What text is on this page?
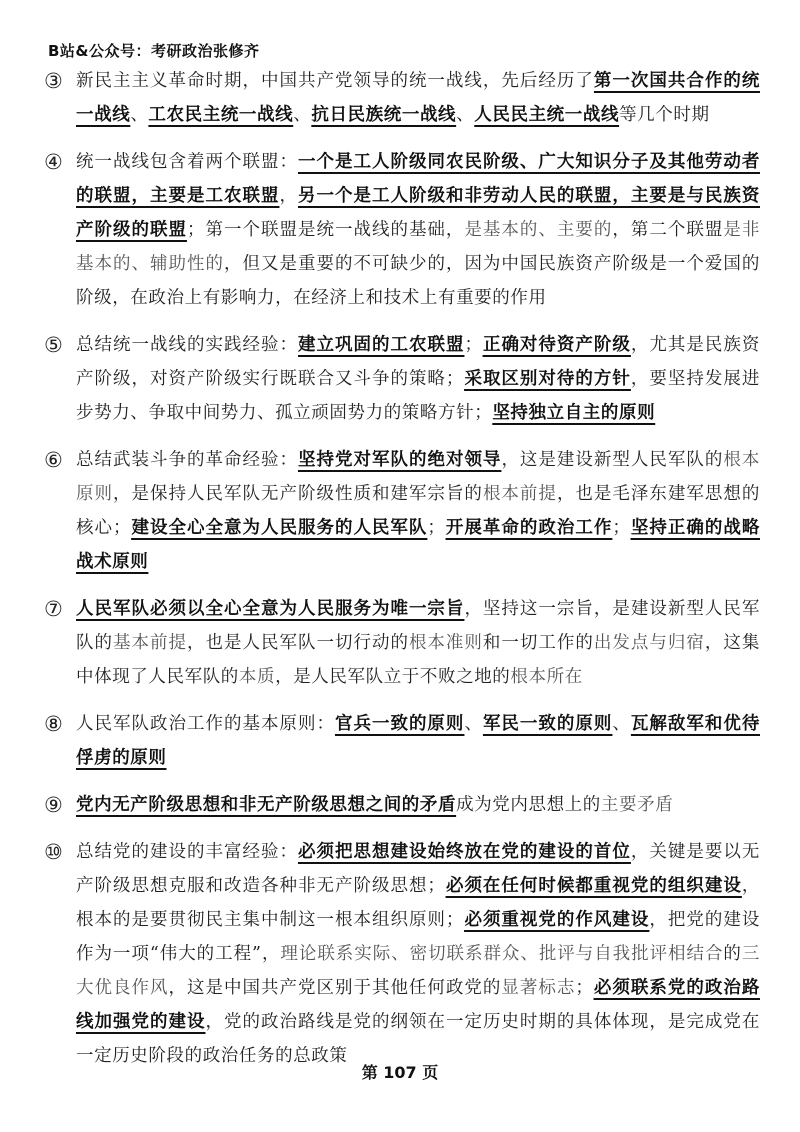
B站&公众号：考研政治张修齐
③ 新民主主义革命时期，中国共产党领导的统一战线，先后经历了第一次国共合作的统一战线、工农民主统一战线、抗日民族统一战线、人民民主统一战线等几个时期
④ 统一战线包含着两个联盟：一个是工人阶级同农民阶级、广大知识分子及其他劳动者的联盟，主要是工农联盟，另一个是工人阶级和非劳动人民的联盟，主要是与民族资产阶级的联盟；第一个联盟是统一战线的基础，是基本的、主要的，第二个联盟是非基本的、辅助性的，但又是重要的不可缺少的，因为中国民族资产阶级是一个爱国的阶级，在政治上有影响力，在经济上和技术上有重要的作用
⑤ 总结统一战线的实践经验：建立巩固的工农联盟；正确对待资产阶级，尤其是民族资产阶级，对资产阶级实行既联合又斗争的策略；采取区别对待的方针，要坚持发展进步势力、争取中间势力、孤立顽固势力的策略方针；坚持独立自主的原则
⑥ 总结武装斗争的革命经验：坚持党对军队的绝对领导，这是建设新型人民军队的根本原则，是保持人民军队无产阶级性质和建军宗旨的根本前提，也是毛泽东建军思想的核心；建设全心全意为人民服务的人民军队；开展革命的政治工作；坚持正确的战略战术原则
⑦ 人民军队必须以全心全意为人民服务为唯一宗旨，坚持这一宗旨，是建设新型人民军队的基本前提，也是人民军队一切行动的根本准则和一切工作的出发点与归宿，这集中体现了人民军队的本质，是人民军队立于不败之地的根本所在
⑧ 人民军队政治工作的基本原则：官兵一致的原则、军民一致的原则、瓦解敌军和优待俘虏的原则
⑨ 党内无产阶级思想和非无产阶级思想之间的矛盾成为党内思想上的主要矛盾
⑩ 总结党的建设的丰富经验：必须把思想建设始终放在党的建设的首位，关键是要以无产阶级思想克服和改造各种非无产阶级思想；必须在任何时候都重视党的组织建设，根本的是要贯彻民主集中制这一根本组织原则；必须重视党的作风建设，把党的建设作为一项“伟大的工程”，理论联系实际、密切联系群众、批评与自我批评相结合的三大优良作风，这是中国共产党区别于其他任何政党的显著标志；必须联系党的政治路线加强党的建设，党的政治路线是党的纲领在一定历史时期的具体体现，是完成党在一定历史阶段的政治任务的总政策
第 107 页
